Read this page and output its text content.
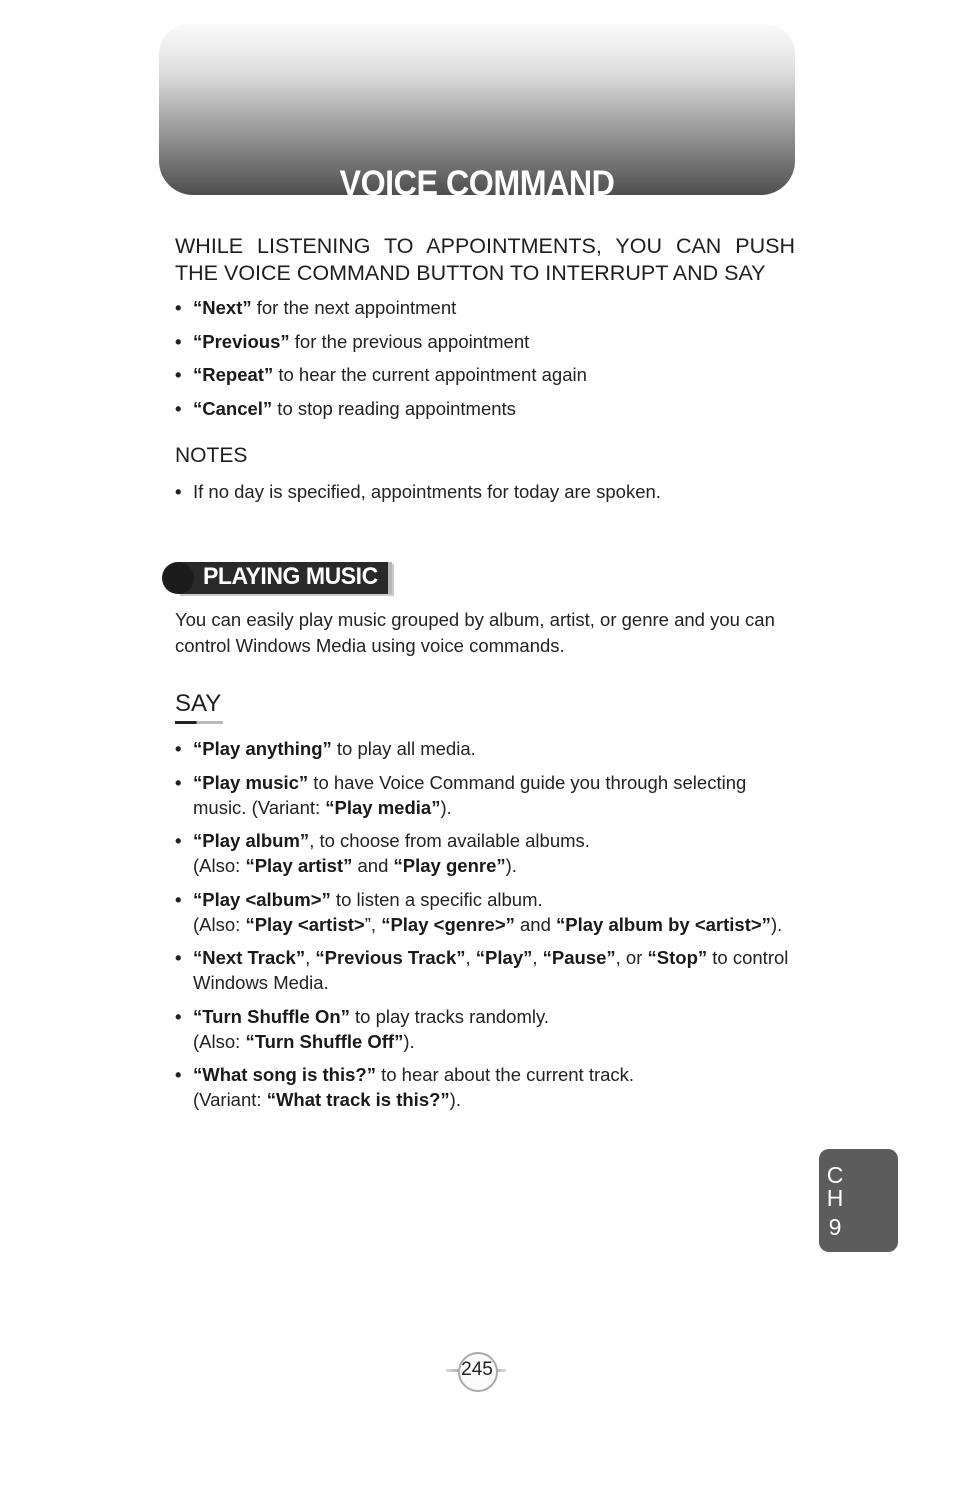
VOICE COMMAND
WHILE LISTENING TO APPOINTMENTS, YOU CAN PUSH THE VOICE COMMAND BUTTON TO INTERRUPT AND SAY
• “Next” for the next appointment
• “Previous” for the previous appointment
• “Repeat” to hear the current appointment again
• “Cancel” to stop reading appointments
NOTES
• If no day is specified, appointments for today are spoken.
PLAYING MUSIC
You can easily play music grouped by album, artist, or genre and you can control Windows Media using voice commands.
SAY
• “Play anything” to play all media.
• “Play music” to have Voice Command guide you through selecting music. (Variant: “Play media”).
• “Play album”, to choose from available albums.
(Also: “Play artist” and “Play genre”).
• “Play <album>” to listen a specific album.
(Also: “Play <artist>”, “Play <genre>” and “Play album by <artist>”).
• “Next Track”, “Previous Track”, “Play”, “Pause”, or “Stop” to control Windows Media.
• “Turn Shuffle On” to play tracks randomly.
(Also: “Turn Shuffle Off”).
• “What song is this?” to hear about the current track.
(Variant: “What track is this?”).
C
H
9
245
